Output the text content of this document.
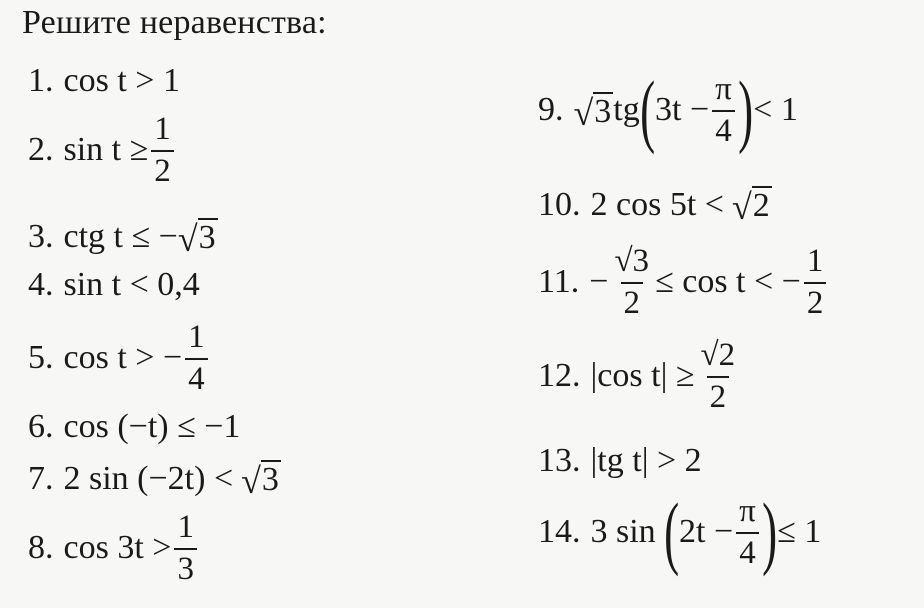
Решите неравенства:
1. cos t > 1
2. $\sin t \ge \frac{1}{2}$
3. ctg t ≤ − √ 3
4. sin t < 0,4
5. cos t > − $\frac{1}{4}$
6. cos (−t) ≤ −1
7. 2 sin (−2t) < √ 3
8. $\cos 3t > \frac{1}{3}$
9. √ 3 tg ( $3t - \frac{\pi}{4}$ ) < 1
10. 2 cos 5t < √ 2
11. − $\frac{√3}{2} \le \cos t$ < − $\frac{1}{2}$
12. |cos $t| \ge \frac{√2}{2}$
13. |tg t| > 2
14. 3 sin ( $2t - \frac{\pi}{4}$ ) ≤ 1
